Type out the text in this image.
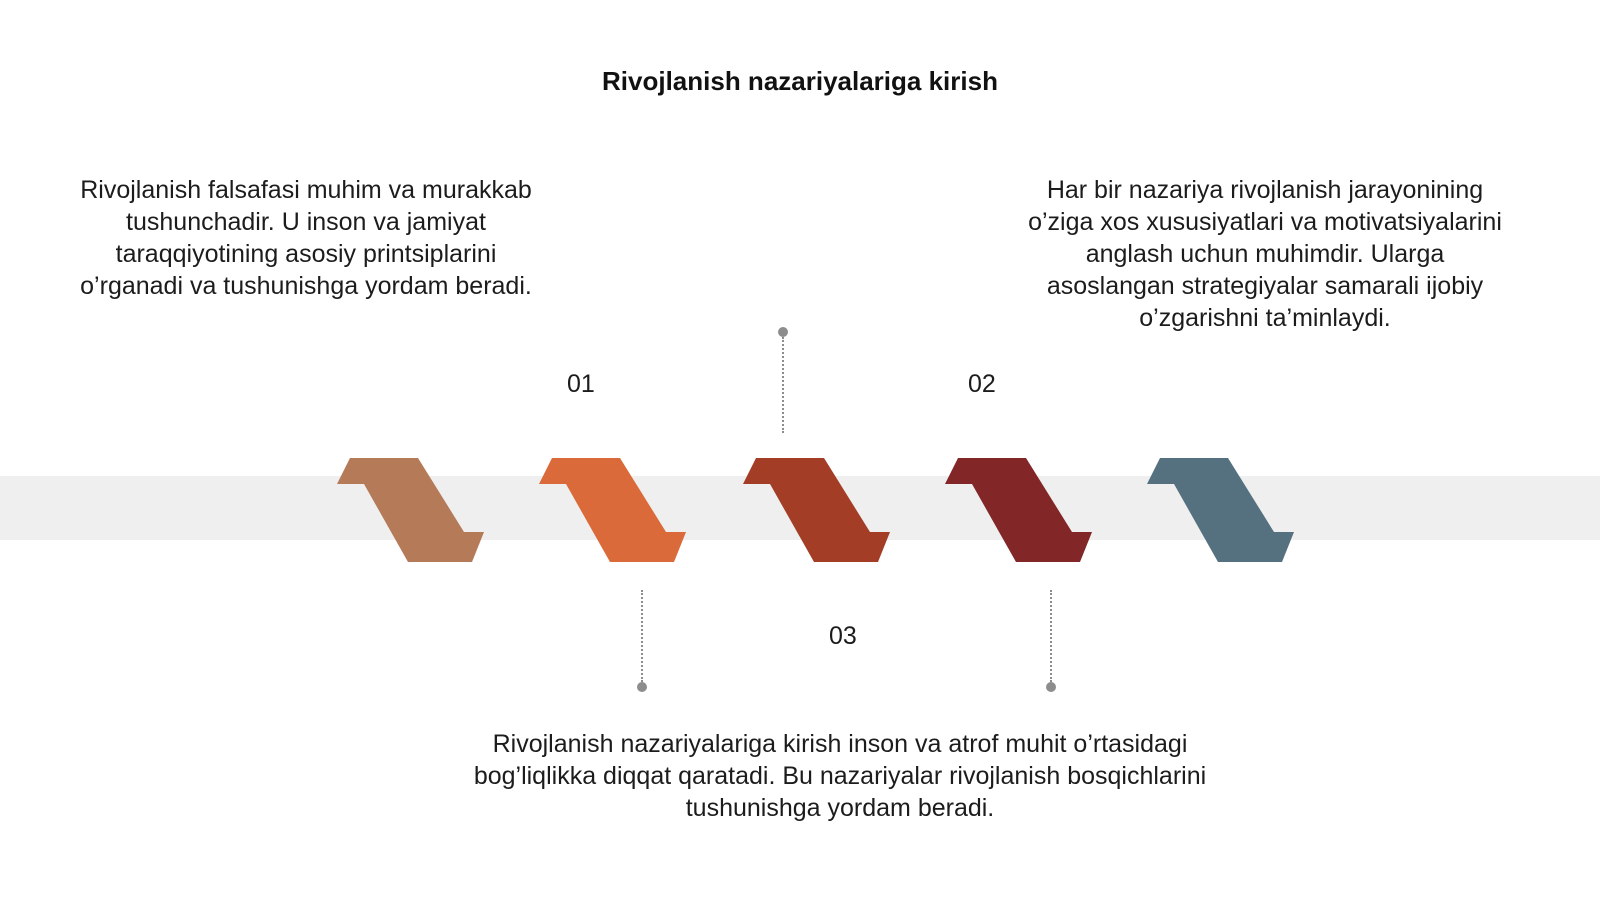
Rivojlanish nazariyalariga kirish
Rivojlanish falsafasi muhim va murakkab tushunchadir. U inson va jamiyat taraqqiyotining asosiy printsiplarini o’rganadi va tushunishga yordam beradi.
Har bir nazariya rivojlanish jarayonining o’ziga xos xususiyatlari va motivatsiyalarini anglash uchun muhimdir. Ularga asoslangan strategiyalar samarali ijobiy o’zgarishni ta’minlaydi.
Rivojlanish nazariyalariga kirish inson va atrof muhit o’rtasidagi bog’liqlikka diqqat qaratadi. Bu nazariyalar rivojlanish bosqichlarini tushunishga yordam beradi.
01	02
03
